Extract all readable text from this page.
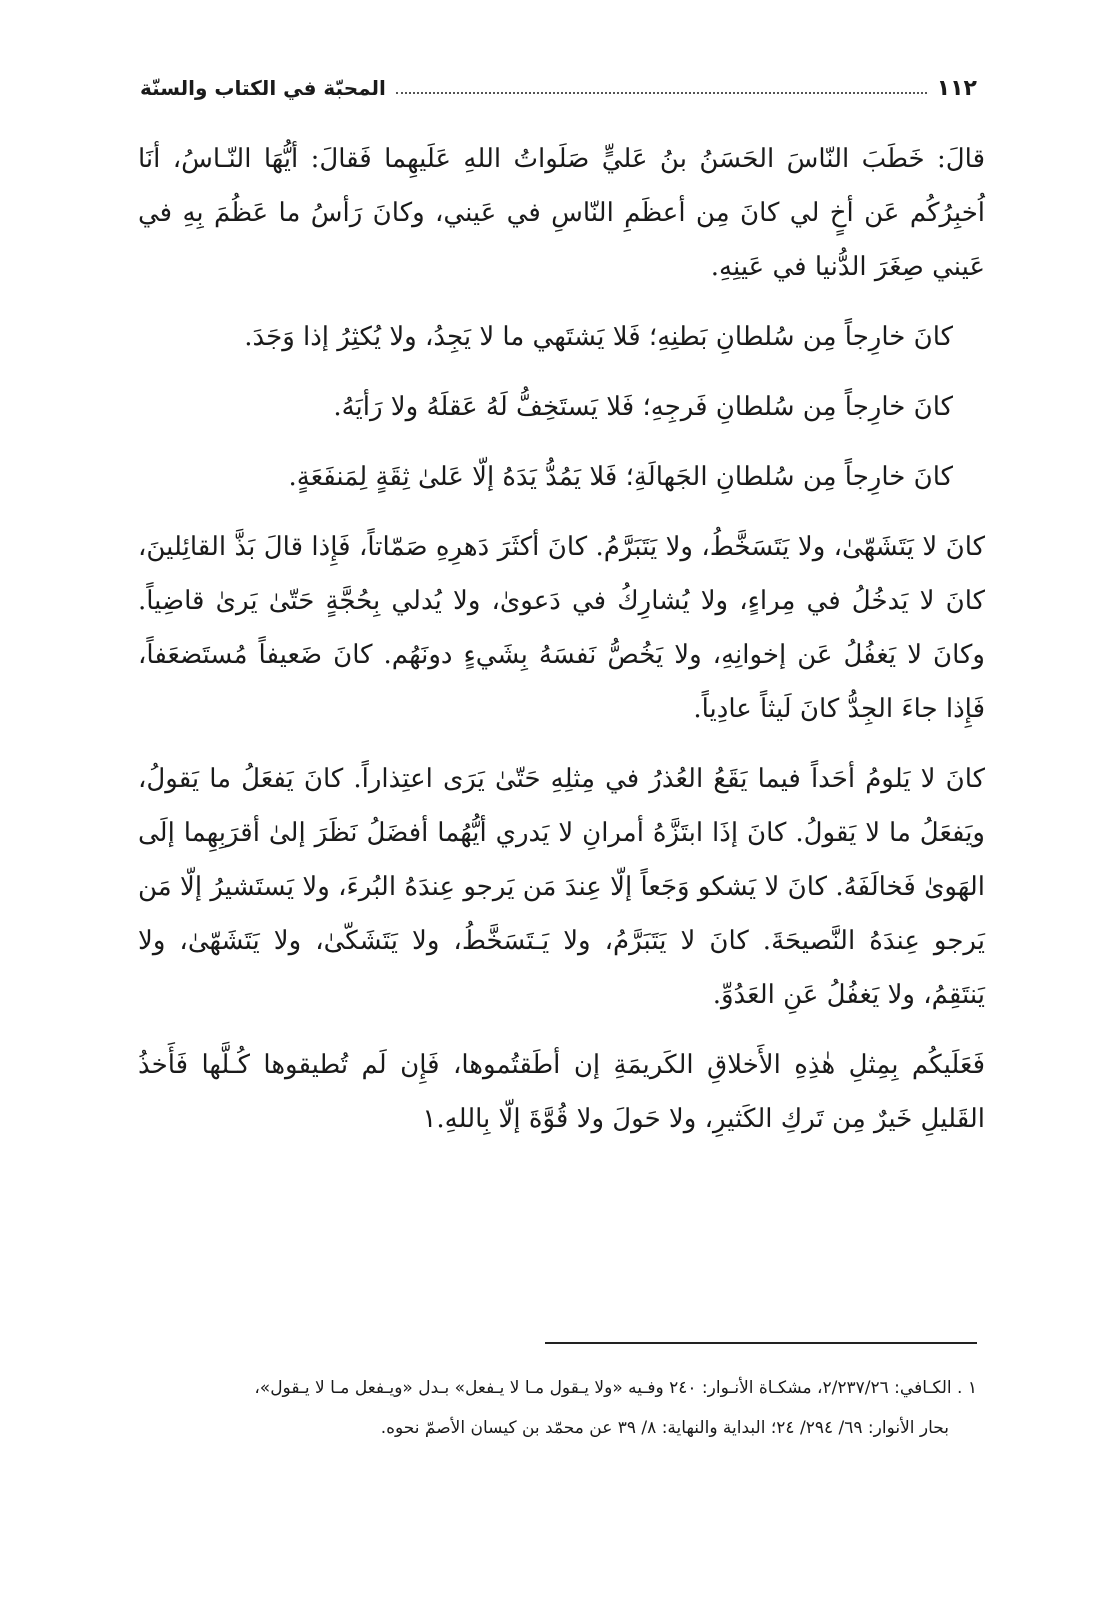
١١٢
المحبّة في الكتاب والسنّة

قالَ: خَطَبَ النّاسَ الحَسَنُ بنُ عَليٍّ صَلَواتُ اللهِ عَلَيهِما فَقالَ: أيُّهَا النّـاسُ، أنَا اُخبِرُكُم عَن أخٍ لي كانَ مِن أعظَمِ النّاسِ في عَيني، وكانَ رَأسُ ما عَظُمَ بِهِ في عَيني صِغَرَ الدُّنيا في عَينِهِ.

كانَ خارِجاً مِن سُلطانِ بَطنِهِ؛ فَلا يَشتَهي ما لا يَجِدُ، ولا يُكثِرُ إذا وَجَدَ.

كانَ خارِجاً مِن سُلطانِ فَرجِهِ؛ فَلا يَستَخِفُّ لَهُ عَقلَهُ ولا رَأيَهُ.

كانَ خارِجاً مِن سُلطانِ الجَهالَةِ؛ فَلا يَمُدُّ يَدَهُ إلّا عَلىٰ ثِقَةٍ لِمَنفَعَةٍ.

كانَ لا يَتَشَهّىٰ، ولا يَتَسَخَّطُ، ولا يَتَبَرَّمُ. كانَ أكثَرَ دَهرِهِ صَمّاتاً، فَإِذا قالَ بَذَّ القائِلينَ، كانَ لا يَدخُلُ في مِراءٍ، ولا يُشارِكُ في دَعوىٰ، ولا يُدلي بِحُجَّةٍ حَتّىٰ يَرىٰ قاضِياً. وكانَ لا يَغفُلُ عَن إخوانِهِ، ولا يَخُصُّ نَفسَهُ بِشَيءٍ دونَهُم. كانَ ضَعيفاً مُستَضعَفاً، فَإِذا جاءَ الجِدُّ كانَ لَيثاً عادِياً.

كانَ لا يَلومُ أحَداً فيما يَقَعُ العُذرُ في مِثلِهِ حَتّىٰ يَرَى اعتِذاراً. كانَ يَفعَلُ ما يَقولُ، ويَفعَلُ ما لا يَقولُ. كانَ إذَا ابتَزَّهُ أمرانِ لا يَدري أيُّهُما أفضَلُ نَظَرَ إلىٰ أقرَبِهِما إلَى الهَوىٰ فَخالَفَهُ. كانَ لا يَشكو وَجَعاً إلّا عِندَ مَن يَرجو عِندَهُ البُرءَ، ولا يَستَشيرُ إلّا مَن يَرجو عِندَهُ النَّصيحَةَ. كانَ لا يَتَبَرَّمُ، ولا يَـتَسَخَّطُ، ولا يَتَشَكّىٰ، ولا يَتَشَهّىٰ، ولا يَنتَقِمُ، ولا يَغفُلُ عَنِ العَدُوِّ.

فَعَلَيكُم بِمِثلِ هٰذِهِ الأَخلاقِ الكَريمَةِ إن أطَقتُموها، فَإِن لَم تُطيقوها كُـلَّها فَأَخذُ القَليلِ خَيرٌ مِن تَركِ الكَثيرِ، ولا حَولَ ولا قُوَّةَ إلّا بِاللهِ.١

١ . الكـافي: ٢/٢٣٧/٢٦، مشكـاة الأنـوار: ٢٤٠ وفـيه «ولا يـقول مـا لا يـفعل» بـدل «ويـفعل مـا لا يـقول»،

بحار الأنوار: ٦٩/ ٢٩٤/ ٢٤؛ البداية والنهاية: ٨/ ٣٩ عن محمّد بن كيسان الأصمّ نحوه.
